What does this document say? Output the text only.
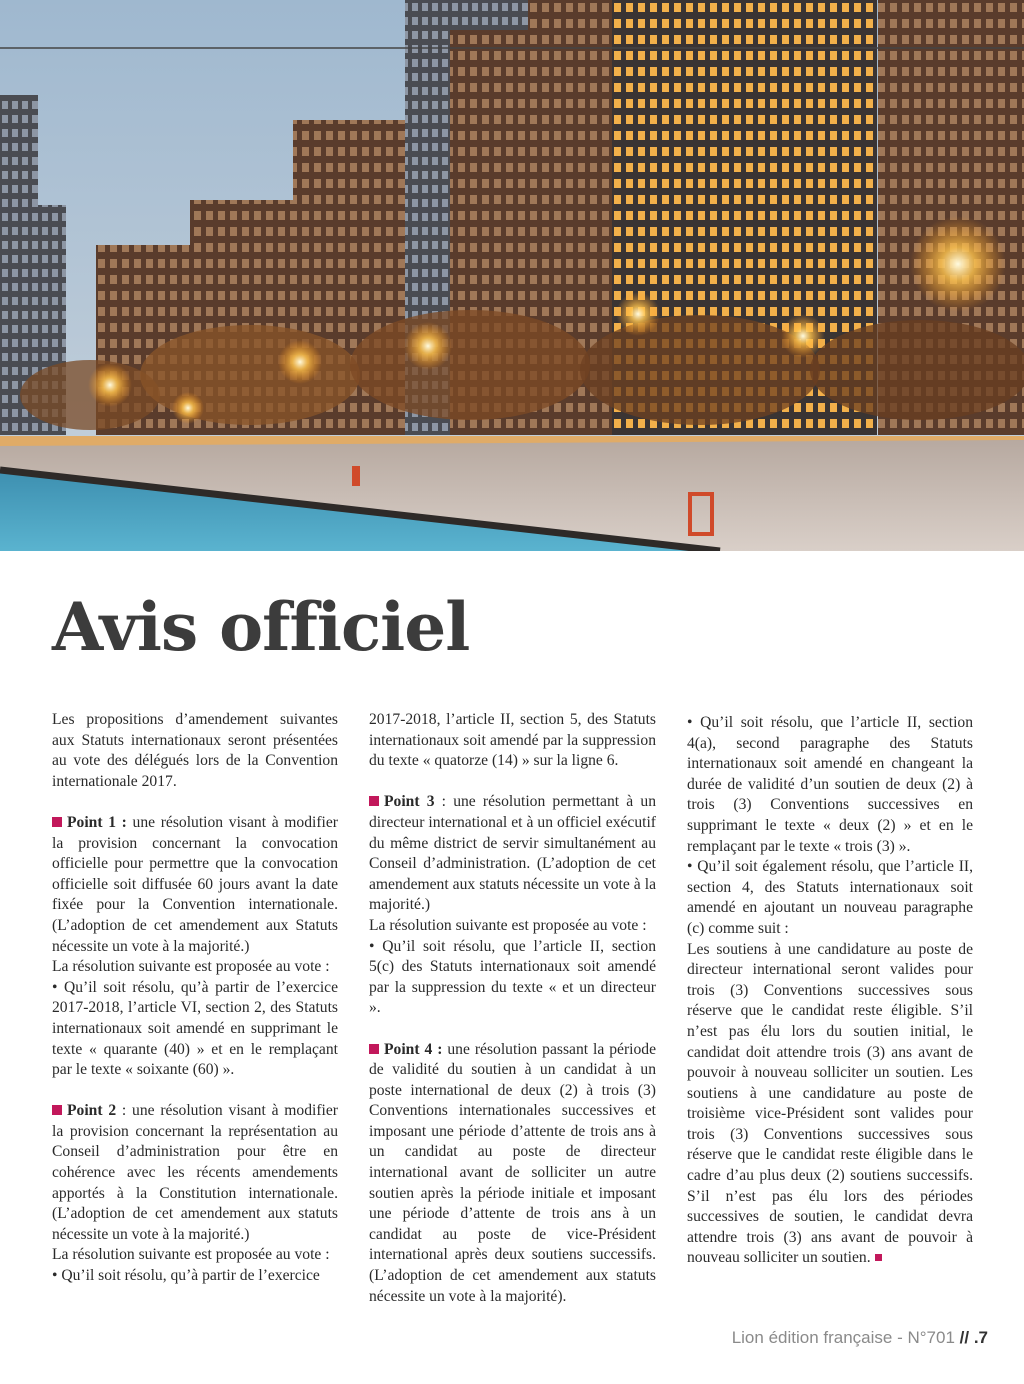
Avis officiel

Les propositions d’amendement suivantes aux Statuts internationaux seront présentées au vote des délégués lors de la Convention internationale 2017.

Point 1 : une résolution visant à modifier la provision concernant la convocation officielle pour permettre que la convocation officielle soit diffusée 60 jours avant la date fixée pour la Convention internationale. (L’adoption de cet amendement aux Statuts nécessite un vote à la majorité.)

La résolution suivante est proposée au vote :

• Qu’il soit résolu, qu’à partir de l’exercice 2017-2018, l’article VI, section 2, des Statuts internationaux soit amendé en supprimant le texte « quarante (40) » et en le remplaçant par le texte « soixante (60) ».

Point 2 : une résolution visant à modifier la provision concernant la représentation au Conseil d’administration pour être en cohérence avec les récents amendements apportés à la Constitution internationale. (L’adoption de cet amendement aux statuts nécessite un vote à la majorité.)

La résolution suivante est proposée au vote :

• Qu’il soit résolu, qu’à partir de l’exercice

2017-2018, l’article II, section 5, des Statuts internationaux soit amendé par la suppression du texte « quatorze (14) » sur la ligne 6.

Point 3 : une résolution permettant à un directeur international et à un officiel exécutif du même district de servir simultanément au Conseil d’administration. (L’adoption de cet amendement aux statuts nécessite un vote à la majorité.)

La résolution suivante est proposée au vote :

• Qu’il soit résolu, que l’article II, section 5(c) des Statuts internationaux soit amendé par la suppression du texte « et un directeur ».

Point 4 : une résolution passant la période de validité du soutien à un candidat à un poste international de deux (2) à trois (3) Conventions internationales successives et imposant une période d’attente de trois ans à un candidat au poste de directeur international avant de solliciter un autre soutien après la période initiale et imposant une période d’attente de trois ans à un candidat au poste de vice-Président international après deux soutiens successifs. (L’adoption de cet amendement aux statuts nécessite un vote à la majorité).

• Qu’il soit résolu, que l’article II, section 4(a), second paragraphe des Statuts internationaux soit amendé en changeant la durée de validité d’un soutien de deux (2) à trois (3) Conventions successives en supprimant le texte « deux (2) » et en le remplaçant par le texte « trois (3) ».

• Qu’il soit également résolu, que l’article II, section 4, des Statuts internationaux soit amendé en ajoutant un nouveau paragraphe (c) comme suit :

Les soutiens à une candidature au poste de directeur international seront valides pour trois (3) Conventions successives sous réserve que le candidat reste éligible. S’il n’est pas élu lors du soutien initial, le candidat doit attendre trois (3) ans avant de pouvoir à nouveau solliciter un soutien. Les soutiens à une candidature au poste de troisième vice-Président sont valides pour trois (3) Conventions successives sous réserve que le candidat reste éligible dans le cadre d’au plus deux (2) soutiens successifs. S’il n’est pas élu lors des périodes successives de soutien, le candidat devra attendre trois (3) ans avant de pouvoir à nouveau solliciter un soutien.

Lion édition française - N°701 // .7
